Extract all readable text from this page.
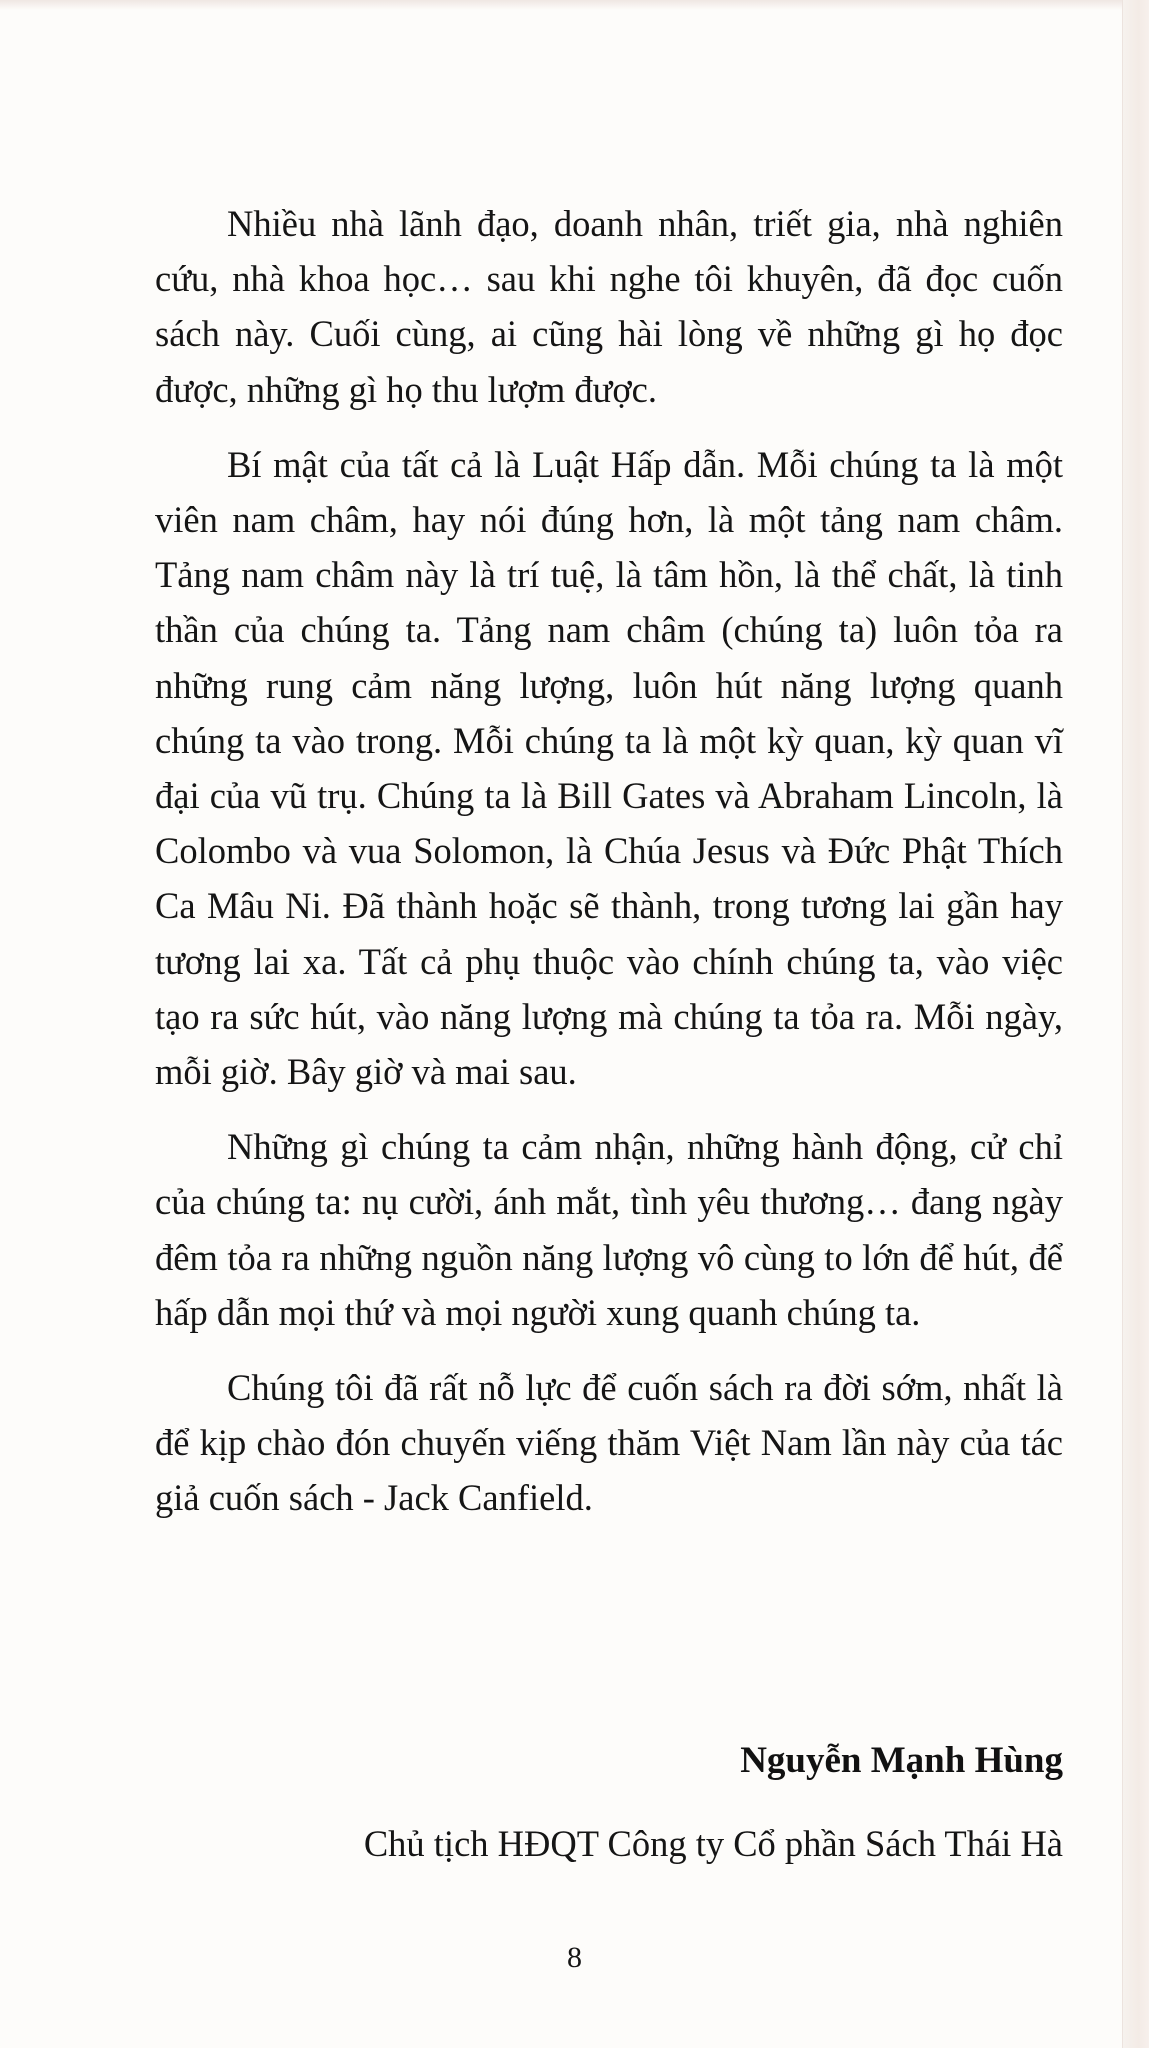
Nhiều nhà lãnh đạo, doanh nhân, triết gia, nhà nghiên cứu, nhà khoa học… sau khi nghe tôi khuyên, đã đọc cuốn sách này. Cuối cùng, ai cũng hài lòng về những gì họ đọc được, những gì họ thu lượm được.

Bí mật của tất cả là Luật Hấp dẫn. Mỗi chúng ta là một viên nam châm, hay nói đúng hơn, là một tảng nam châm. Tảng nam châm này là trí tuệ, là tâm hồn, là thể chất, là tinh thần của chúng ta. Tảng nam châm (chúng ta) luôn tỏa ra những rung cảm năng lượng, luôn hút năng lượng quanh chúng ta vào trong. Mỗi chúng ta là một kỳ quan, kỳ quan vĩ đại của vũ trụ. Chúng ta là Bill Gates và Abraham Lincoln, là Colombo và vua Solomon, là Chúa Jesus và Đức Phật Thích Ca Mâu Ni. Đã thành hoặc sẽ thành, trong tương lai gần hay tương lai xa. Tất cả phụ thuộc vào chính chúng ta, vào việc tạo ra sức hút, vào năng lượng mà chúng ta tỏa ra. Mỗi ngày, mỗi giờ. Bây giờ và mai sau.

Những gì chúng ta cảm nhận, những hành động, cử chỉ của chúng ta: nụ cười, ánh mắt, tình yêu thương… đang ngày đêm tỏa ra những nguồn năng lượng vô cùng to lớn để hút, để hấp dẫn mọi thứ và mọi người xung quanh chúng ta.

Chúng tôi đã rất nỗ lực để cuốn sách ra đời sớm, nhất là để kịp chào đón chuyến viếng thăm Việt Nam lần này của tác giả cuốn sách - Jack Canfield.

Nguyễn Mạnh Hùng
Chủ tịch HĐQT Công ty Cổ phần Sách Thái Hà
8
